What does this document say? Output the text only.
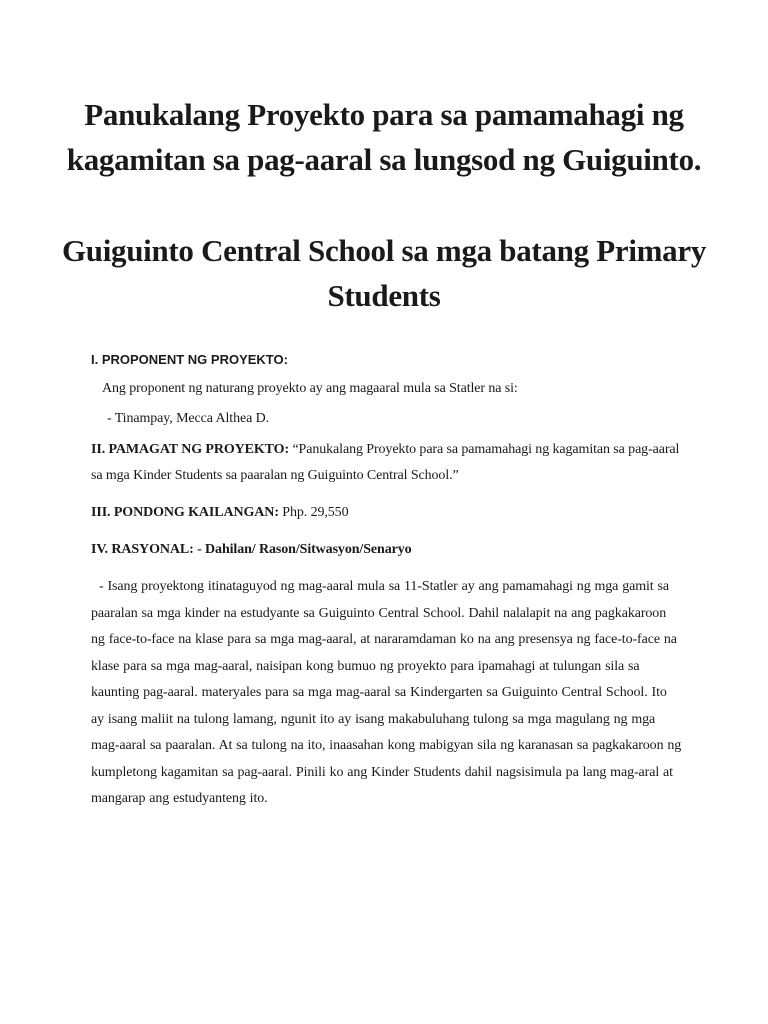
Panukalang Proyekto para sa pamamahagi ng kagamitan sa pag-aaral sa lungsod ng Guiguinto.
Guiguinto Central School sa mga batang Primary Students
I. PROPONENT NG PROYEKTO:
Ang proponent ng naturang proyekto ay ang magaaral mula sa Statler na si:
- Tinampay, Mecca Althea D.
II. PAMAGAT NG PROYEKTO: “Panukalang Proyekto para sa pamamahagi ng kagamitan sa pag-aaral sa mga Kinder Students sa paaralan ng Guiguinto Central School.”
III. PONDONG KAILANGAN: Php. 29,550
IV. RASYONAL: - Dahilan/ Rason/Sitwasyon/Senaryo
- Isang proyektong itinataguyod ng mag-aaral mula sa 11-Statler ay ang pamamahagi ng mga gamit sa paaralan sa mga kinder na estudyante sa Guiguinto Central School. Dahil nalalapit na ang pagkakaroon ng face-to-face na klase para sa mga mag-aaral, at nararamdaman ko na ang presensya ng face-to-face na klase para sa mga mag-aaral, naisipan kong bumuo ng proyekto para ipamahagi at tulungan sila sa kaunting pag-aaral. materyales para sa mga mag-aaral sa Kindergarten sa Guiguinto Central School. Ito ay isang maliit na tulong lamang, ngunit ito ay isang makabuluhang tulong sa mga magulang ng mga mag-aaral sa paaralan. At sa tulong na ito, inaasahan kong mabigyan sila ng karanasan sa pagkakaroon ng kumpletong kagamitan sa pag-aaral. Pinili ko ang Kinder Students dahil nagsisimula pa lang mag-aral at mangarap ang estudyanteng ito.
